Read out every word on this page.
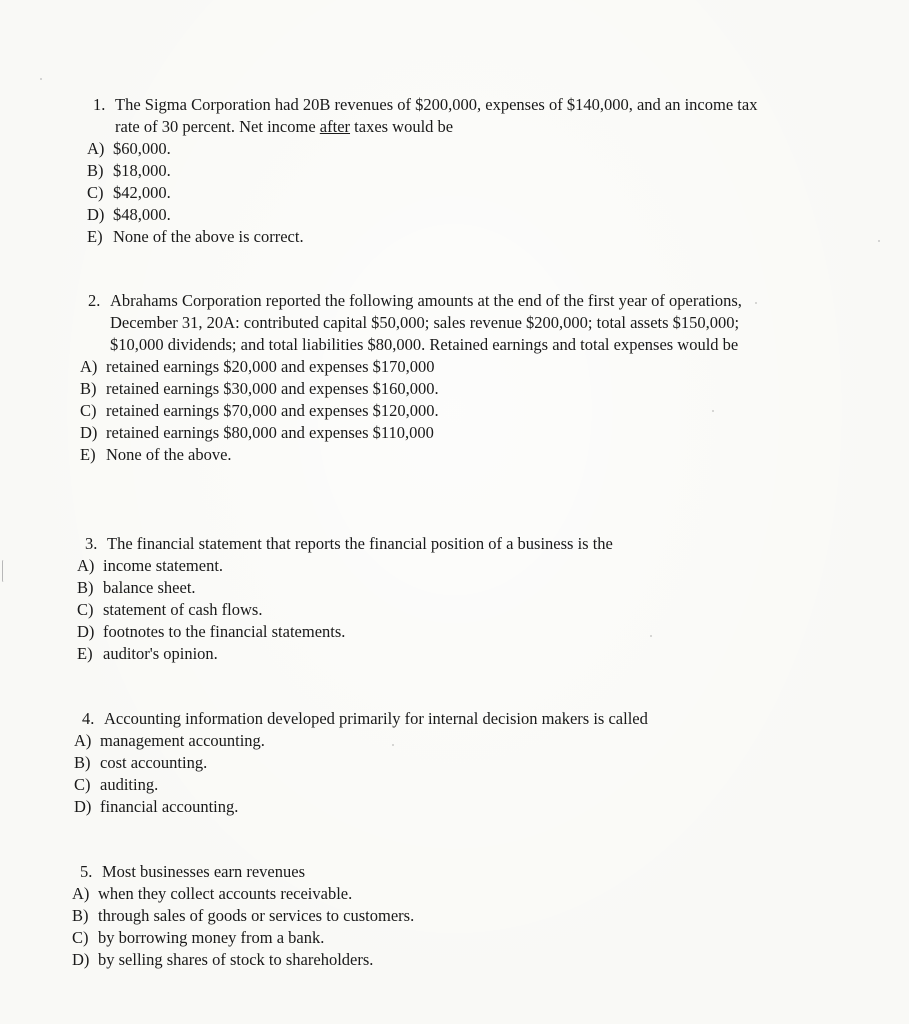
1. The Sigma Corporation had 20B revenues of $200,000, expenses of $140,000, and an income tax rate of 30 percent. Net income after taxes would be
A) $60,000.
B) $18,000.
C) $42,000.
D) $48,000.
E) None of the above is correct.
2. Abrahams Corporation reported the following amounts at the end of the first year of operations, December 31, 20A: contributed capital $50,000; sales revenue $200,000; total assets $150,000; $10,000 dividends; and total liabilities $80,000. Retained earnings and total expenses would be
A) retained earnings $20,000 and expenses $170,000
B) retained earnings $30,000 and expenses $160,000.
C) retained earnings $70,000 and expenses $120,000.
D) retained earnings $80,000 and expenses $110,000
E) None of the above.
3. The financial statement that reports the financial position of a business is the
A) income statement.
B) balance sheet.
C) statement of cash flows.
D) footnotes to the financial statements.
E) auditor's opinion.
4. Accounting information developed primarily for internal decision makers is called
A) management accounting.
B) cost accounting.
C) auditing.
D) financial accounting.
5. Most businesses earn revenues
A) when they collect accounts receivable.
B) through sales of goods or services to customers.
C) by borrowing money from a bank.
D) by selling shares of stock to shareholders.
